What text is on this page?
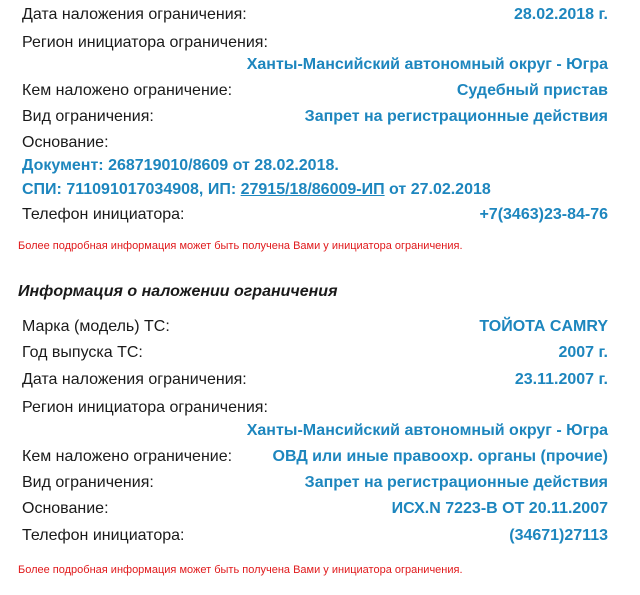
Дата наложения ограничения:	28.02.2018 г.
Регион инициатора ограничения:
Ханты-Мансийский автономный округ - Югра
Кем наложено ограничение:	Судебный пристав
Вид ограничения:	Запрет на регистрационные действия
Основание:
Документ: 268719010/8609 от 28.02.2018.
СПИ: 711091017034908, ИП: 27915/18/86009-ИП от 27.02.2018
Телефон инициатора:	+7(3463)23-84-76
Более подробная информация может быть получена Вами у инициатора ограничения.
Информация о наложении ограничения
Марка (модель) ТС:	ТОЙОТА CAMRY
Год выпуска ТС:	2007 г.
Дата наложения ограничения:	23.11.2007 г.
Регион инициатора ограничения:
Ханты-Мансийский автономный округ - Югра
Кем наложено ограничение:	ОВД или иные правоохр. органы (прочие)
Вид ограничения:	Запрет на регистрационные действия
Основание:	ИСХ.N 7223-В ОТ 20.11.2007
Телефон инициатора:	(34671)27113
Более подробная информация может быть получена Вами у инициатора ограничения.
